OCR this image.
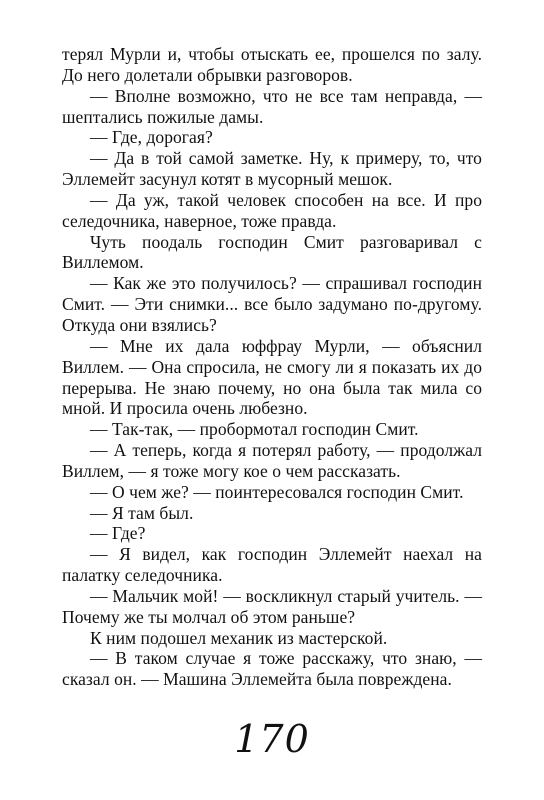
терял Мурли и, чтобы отыскать ее, прошелся по залу. До него долетали обрывки разговоров.

— Вполне возможно, что не все там неправда, — шептались пожилые дамы.

— Где, дорогая?

— Да в той самой заметке. Ну, к примеру, то, что Эллемейт засунул котят в мусорный мешок.

— Да уж, такой человек способен на все. И про селедочника, наверное, тоже правда.

Чуть поодаль господин Смит разговаривал с Виллемом.

— Как же это получилось? — спрашивал господин Смит. — Эти снимки... все было задумано по-другому. Откуда они взялись?

— Мне их дала юффрау Мурли, — объяснил Виллем. — Она спросила, не смогу ли я показать их до перерыва. Не знаю почему, но она была так мила со мной. И просила очень любезно.

— Так-так, — пробормотал господин Смит.

— А теперь, когда я потерял работу, — продолжал Виллем, — я тоже могу кое о чем рассказать.

— О чем же? — поинтересовался господин Смит.

— Я там был.

— Где?

— Я видел, как господин Эллемейт наехал на палатку селедочника.

— Мальчик мой! — воскликнул старый учитель. — Почему же ты молчал об этом раньше?

К ним подошел механик из мастерской.

— В таком случае я тоже расскажу, что знаю, — сказал он. — Машина Эллемейта была повреждена.

170
